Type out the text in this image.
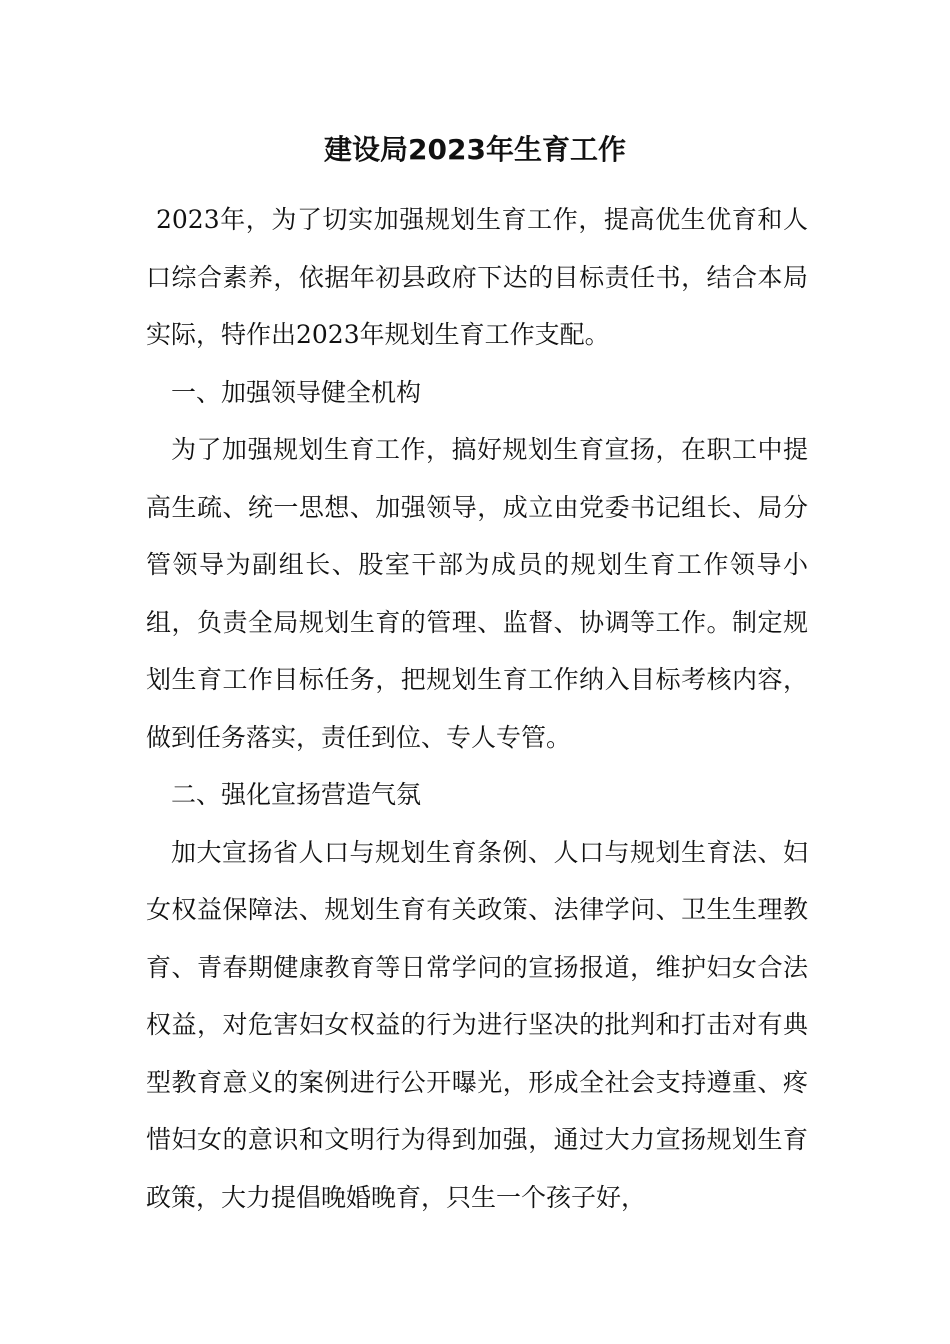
建设局2023年生育工作

2023年，为了切实加强规划生育工作，提高优生优育和人口综合素养，依据年初县政府下达的目标责任书，结合本局实际，特作出2023年规划生育工作支配。

一、加强领导健全机构

为了加强规划生育工作，搞好规划生育宣扬，在职工中提高生疏、统一思想、加强领导，成立由党委书记组长、局分管领导为副组长、股室干部为成员的规划生育工作领导小组，负责全局规划生育的管理、监督、协调等工作。制定规划生育工作目标任务，把规划生育工作纳入目标考核内容，做到任务落实，责任到位、专人专管。

二、强化宣扬营造气氛

加大宣扬省人口与规划生育条例、人口与规划生育法、妇女权益保障法、规划生育有关政策、法律学问、卫生生理教育、青春期健康教育等日常学问的宣扬报道，维护妇女合法权益，对危害妇女权益的行为进行坚决的批判和打击对有典型教育意义的案例进行公开曝光，形成全社会支持遵重、疼惜妇女的意识和文明行为得到加强，通过大力宣扬规划生育政策，大力提倡晚婚晚育，只生一个孩子好，
